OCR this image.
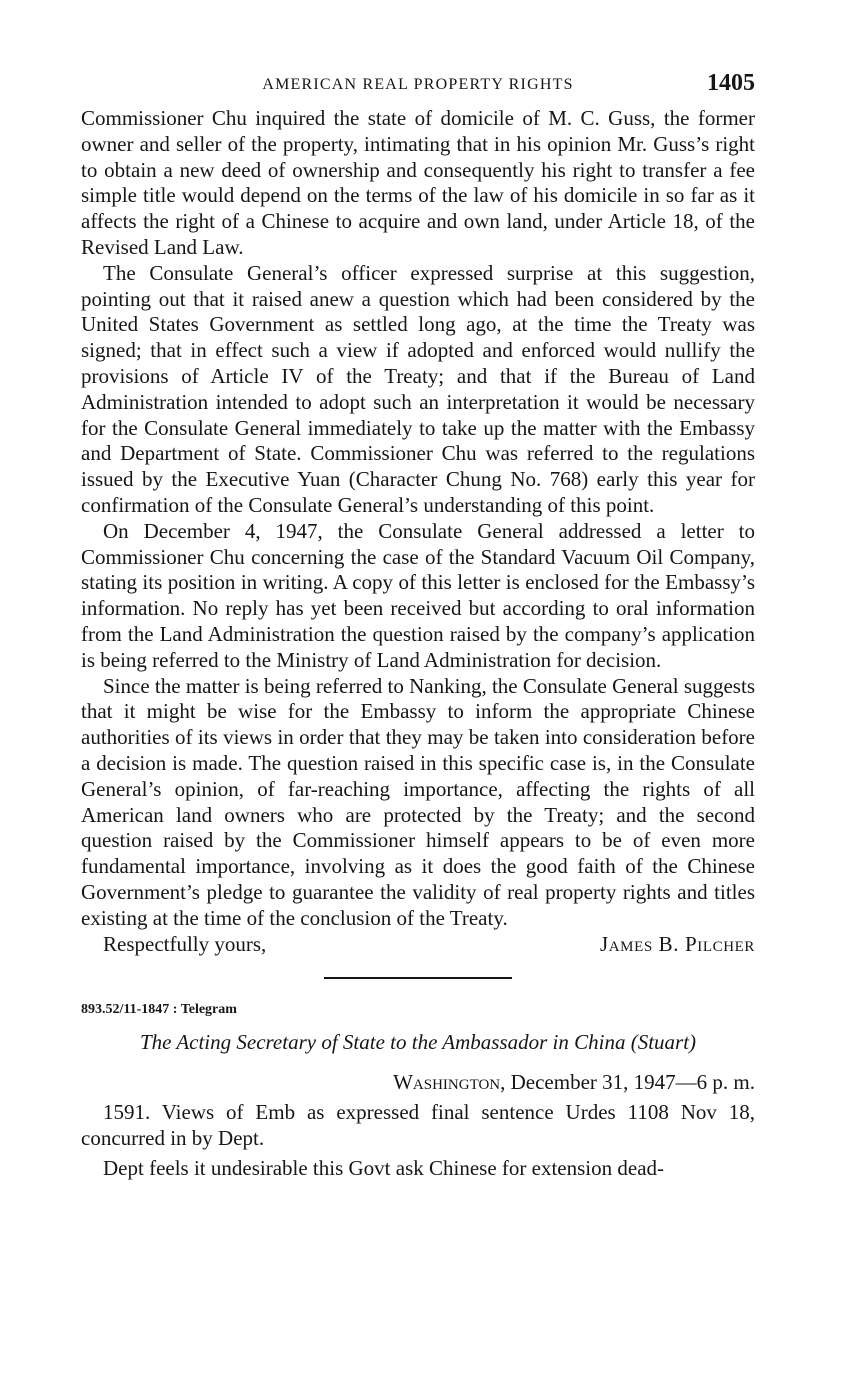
AMERICAN REAL PROPERTY RIGHTS	1405

Commissioner Chu inquired the state of domicile of M. C. Guss, the former owner and seller of the property, intimating that in his opinion Mr. Guss’s right to obtain a new deed of ownership and consequently his right to transfer a fee simple title would depend on the terms of the law of his domicile in so far as it affects the right of a Chinese to acquire and own land, under Article 18, of the Revised Land Law.

The Consulate General’s officer expressed surprise at this suggestion, pointing out that it raised anew a question which had been considered by the United States Government as settled long ago, at the time the Treaty was signed; that in effect such a view if adopted and enforced would nullify the provisions of Article IV of the Treaty; and that if the Bureau of Land Administration intended to adopt such an interpretation it would be necessary for the Consulate General immediately to take up the matter with the Embassy and Department of State. Commissioner Chu was referred to the regulations issued by the Executive Yuan (Character Chung No. 768) early this year for confirmation of the Consulate General’s understanding of this point.

On December 4, 1947, the Consulate General addressed a letter to Commissioner Chu concerning the case of the Standard Vacuum Oil Company, stating its position in writing. A copy of this letter is enclosed for the Embassy’s information. No reply has yet been received but according to oral information from the Land Administration the question raised by the company’s application is being referred to the Ministry of Land Administration for decision.

Since the matter is being referred to Nanking, the Consulate General suggests that it might be wise for the Embassy to inform the appropriate Chinese authorities of its views in order that they may be taken into consideration before a decision is made. The question raised in this specific case is, in the Consulate General’s opinion, of far-reaching importance, affecting the rights of all American land owners who are protected by the Treaty; and the second question raised by the Commissioner himself appears to be of even more fundamental importance, involving as it does the good faith of the Chinese Government’s pledge to guarantee the validity of real property rights and titles existing at the time of the conclusion of the Treaty.

Respectfully yours,	James B. Pilcher
893.52/11-1847 : Telegram
The Acting Secretary of State to the Ambassador in China (Stuart)
Washington, December 31, 1947—6 p. m.

1591. Views of Emb as expressed final sentence Urdes 1108 Nov 18, concurred in by Dept.

Dept feels it undesirable this Govt ask Chinese for extension dead-
